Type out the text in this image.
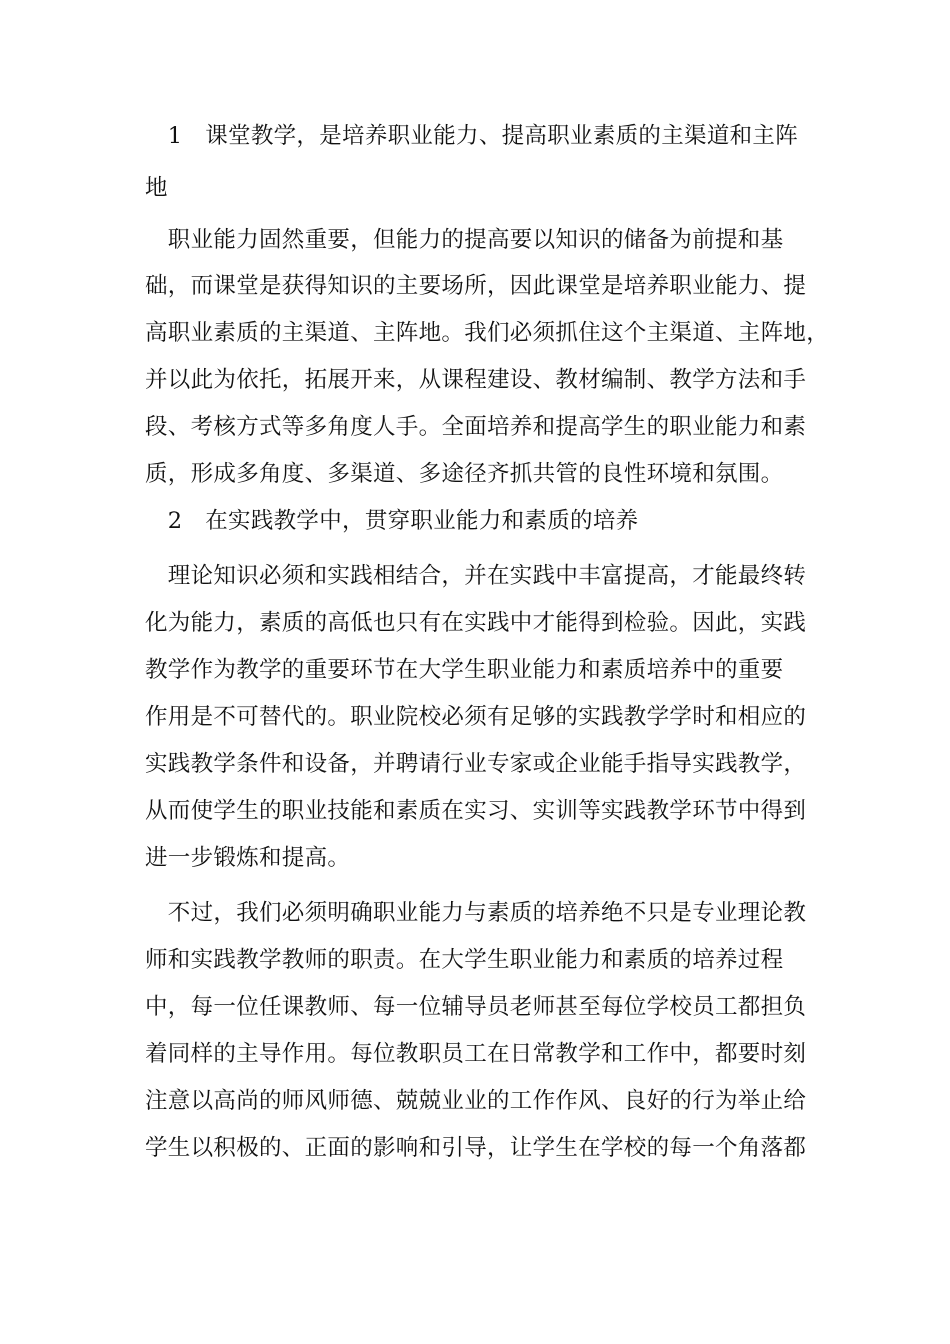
　1　课堂教学，是培养职业能力、提高职业素质的主渠道和主阵

地

　职业能力固然重要，但能力的提高要以知识的储备为前提和基

础，而课堂是获得知识的主要场所，因此课堂是培养职业能力、提

高职业素质的主渠道、主阵地。我们必须抓住这个主渠道、主阵地，

并以此为依托，拓展开来，从课程建设、教材编制、教学方法和手

段、考核方式等多角度人手。全面培养和提高学生的职业能力和素

质，形成多角度、多渠道、多途径齐抓共管的良性环境和氛围。

　2　在实践教学中，贯穿职业能力和素质的培养

　理论知识必须和实践相结合，并在实践中丰富提高，才能最终转

化为能力，素质的高低也只有在实践中才能得到检验。因此，实践

教学作为教学的重要环节在大学生职业能力和素质培养中的重要

作用是不可替代的。职业院校必须有足够的实践教学学时和相应的

实践教学条件和设备，并聘请行业专家或企业能手指导实践教学，

从而使学生的职业技能和素质在实习、实训等实践教学环节中得到

进一步锻炼和提高。

　不过，我们必须明确职业能力与素质的培养绝不只是专业理论教

师和实践教学教师的职责。在大学生职业能力和素质的培养过程

中，每一位任课教师、每一位辅导员老师甚至每位学校员工都担负

着同样的主导作用。每位教职员工在日常教学和工作中，都要时刻

注意以高尚的师风师德、兢兢业业的工作作风、良好的行为举止给

学生以积极的、正面的影响和引导，让学生在学校的每一个角落都
